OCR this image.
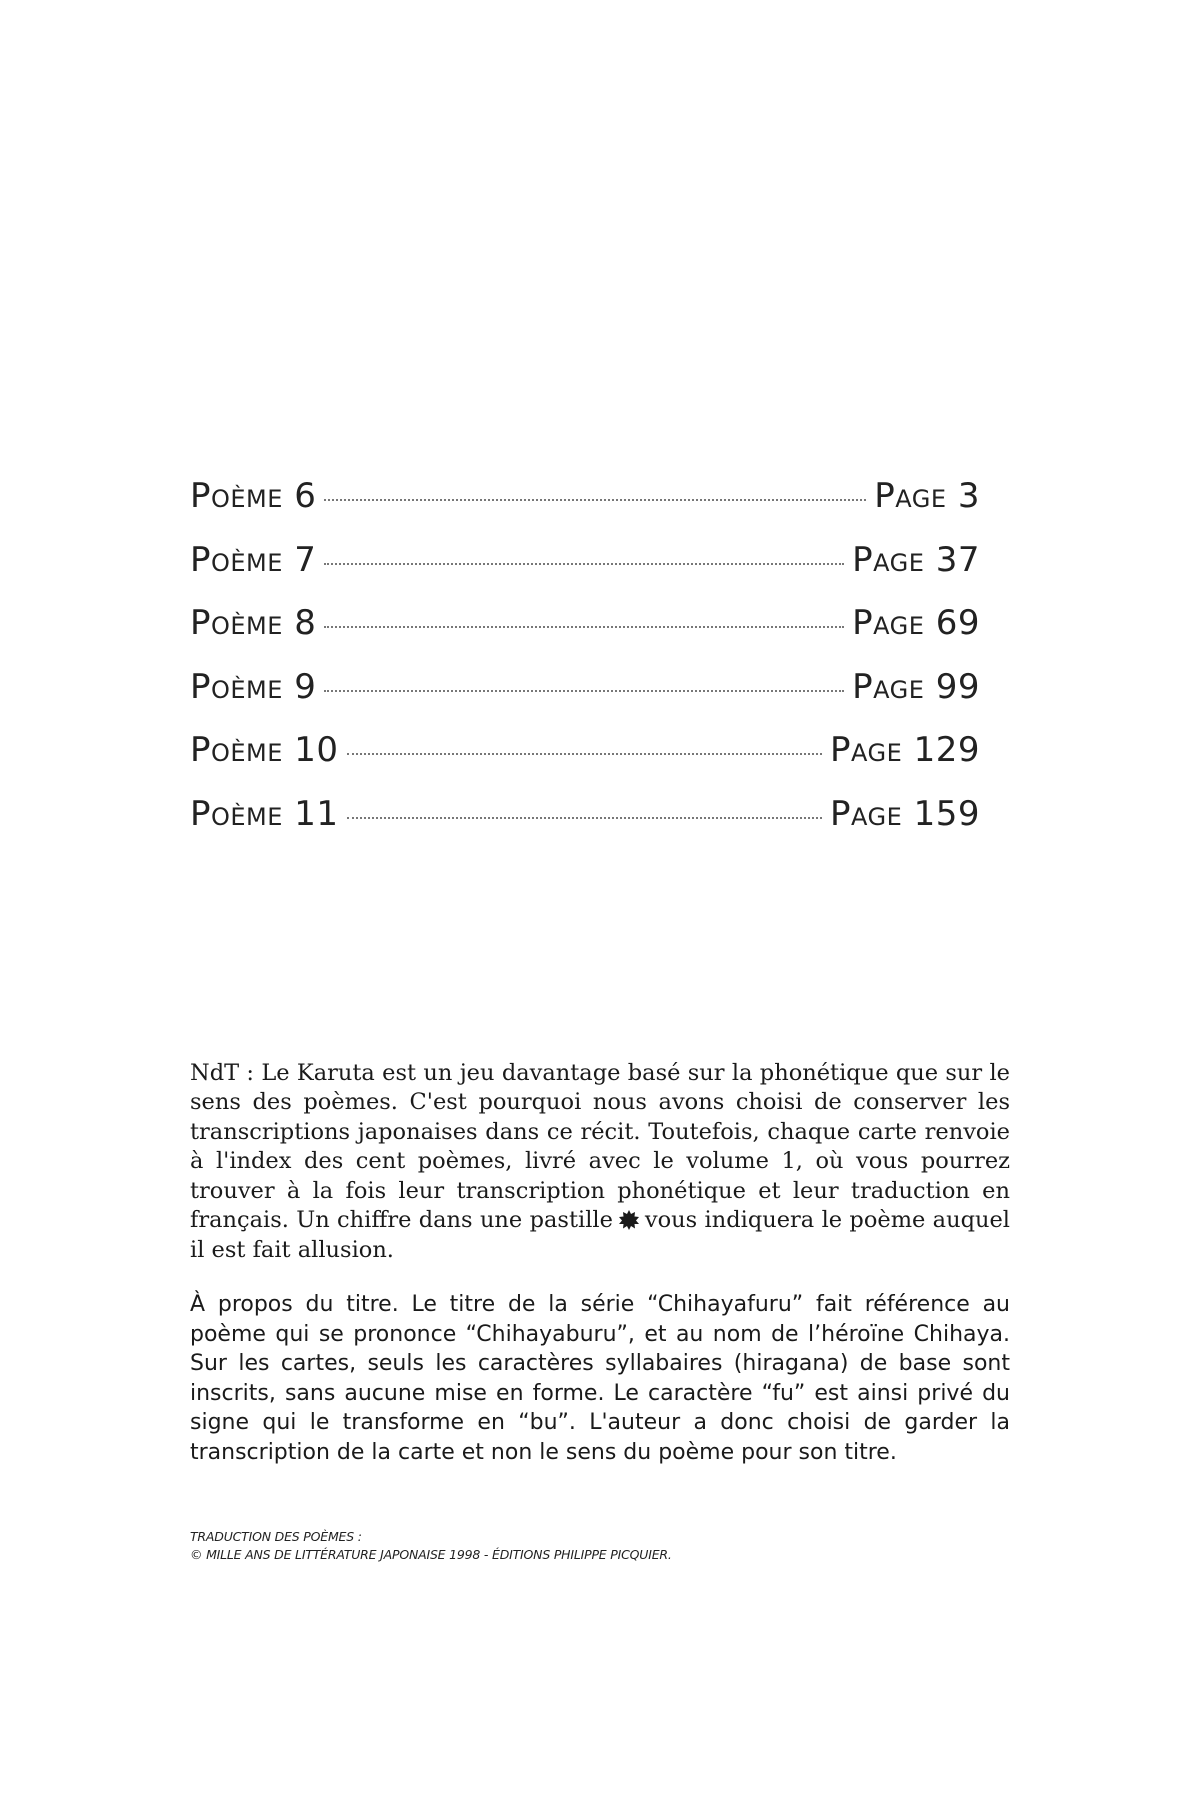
Poème 6	Page 3
Poème 7	Page 37
Poème 8	Page 69
Poème 9	Page 99
Poème 10	Page 129
Poème 11	Page 159

NdT : Le Karuta est un jeu davantage basé sur la phonétique que sur le sens des poèmes. C'est pourquoi nous avons choisi de conserver les transcriptions japonaises dans ce récit. Toutefois, chaque carte renvoie à l'index des cent poèmes, livré avec le volume 1, où vous pourrez trouver à la fois leur transcription phonétique et leur traduction en français. Un chiffre dans une pastille vous indiquera le poème auquel il est fait allusion.

À propos du titre. Le titre de la série “Chihayafuru” fait référence au poème qui se prononce “Chihayaburu”, et au nom de l’héroïne Chihaya. Sur les cartes, seuls les caractères syllabaires (hiragana) de base sont inscrits, sans aucune mise en forme. Le caractère “fu” est ainsi privé du signe qui le transforme en “bu”. L'auteur a donc choisi de garder la transcription de la carte et non le sens du poème pour son titre.

TRADUCTION DES POÈMES :
© MILLE ANS DE LITTÉRATURE JAPONAISE 1998 - ÉDITIONS PHILIPPE PICQUIER.
